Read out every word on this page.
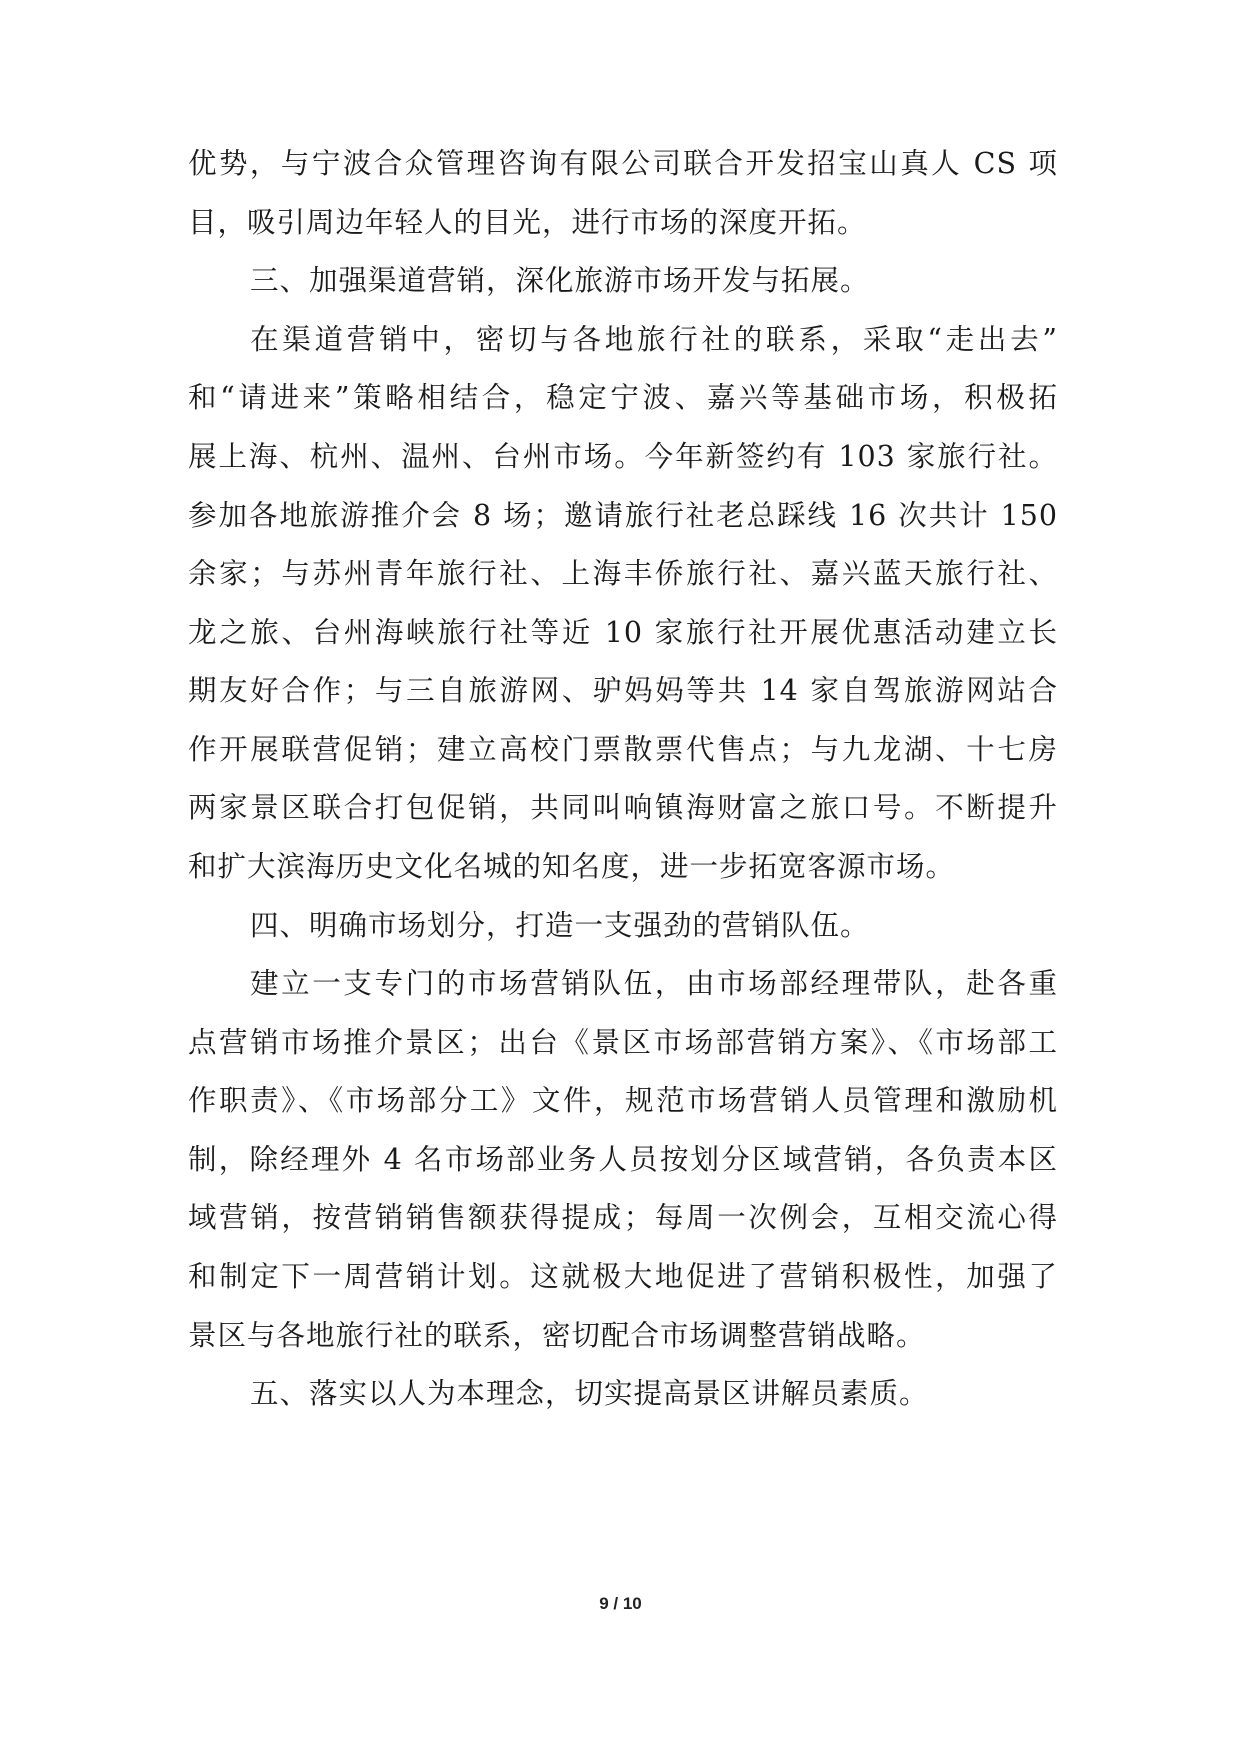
优势，与宁波合众管理咨询有限公司联合开发招宝山真人 CS 项
目，吸引周边年轻人的目光，进行市场的深度开拓。
三、加强渠道营销，深化旅游市场开发与拓展。
在渠道营销中，密切与各地旅行社的联系，采取“走出去”
和“请进来”策略相结合，稳定宁波、嘉兴等基础市场，积极拓
展上海、杭州、温州、台州市场。今年新签约有 103 家旅行社。
参加各地旅游推介会 8 场；邀请旅行社老总踩线 16 次共计 150
余家；与苏州青年旅行社、上海丰侨旅行社、嘉兴蓝天旅行社、
龙之旅、台州海峡旅行社等近 10 家旅行社开展优惠活动建立长
期友好合作；与三自旅游网、驴妈妈等共 14 家自驾旅游网站合
作开展联营促销；建立高校门票散票代售点；与九龙湖、十七房
两家景区联合打包促销，共同叫响镇海财富之旅口号。不断提升
和扩大滨海历史文化名城的知名度，进一步拓宽客源市场。
四、明确市场划分，打造一支强劲的营销队伍。
建立一支专门的市场营销队伍，由市场部经理带队，赴各重
点营销市场推介景区；出台《景区市场部营销方案》、《市场部工
作职责》、《市场部分工》文件，规范市场营销人员管理和激励机
制，除经理外 4 名市场部业务人员按划分区域营销，各负责本区
域营销，按营销销售额获得提成；每周一次例会，互相交流心得
和制定下一周营销计划。这就极大地促进了营销积极性，加强了
景区与各地旅行社的联系，密切配合市场调整营销战略。
五、落实以人为本理念，切实提高景区讲解员素质。
9 / 10
